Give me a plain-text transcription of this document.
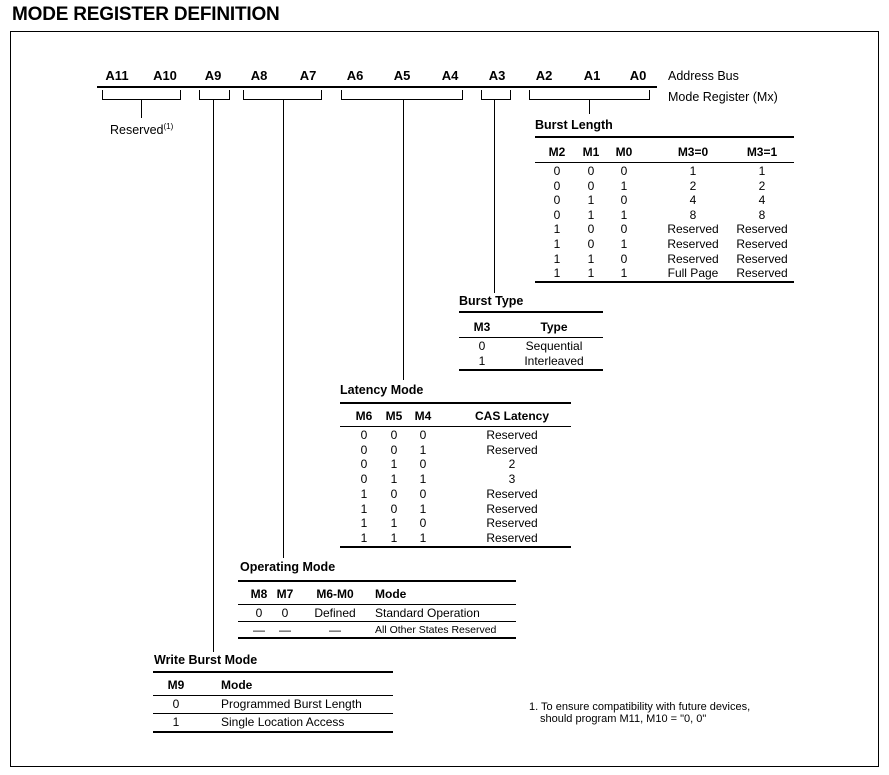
MODE REGISTER DEFINITION
A11	A10	A9	A8	A7	A6	A5	A4	A3	A2	A1	A0	Address Bus
Mode Register (Mx)
Reserved$^{(1)}$	Burst Length
M2	M1	M0	M3=0	M3=1
0	0	0	1	1
0	0	1	2	2
0	1	0	4	4
0	1	1	8	8
1	0	0	Reserved	Reserved
1	0	1	Reserved	Reserved
1	1	0	Reserved	Reserved
1	1	1	Full Page	Reserved
Burst Type
M3	Type
0	Sequential
1	Interleaved
Latency Mode
M6	M5	M4	CAS Latency
0	0	0	Reserved
0	0	1	Reserved
0	1	0	2
0	1	1	3
1	0	0	Reserved
1	0	1	Reserved
1	1	0	Reserved
1	1	1	Reserved
Operating Mode
M8 M7	M6-M0	Mode
0	0	Defined	Standard Operation
—	—	—	All Other States Reserved
Write Burst Mode
M9	Mode
0	Programmed Burst Length
1	Single Location Access
1. To ensure compatibility with future devices,
should program M11, M10 = "0, 0"
